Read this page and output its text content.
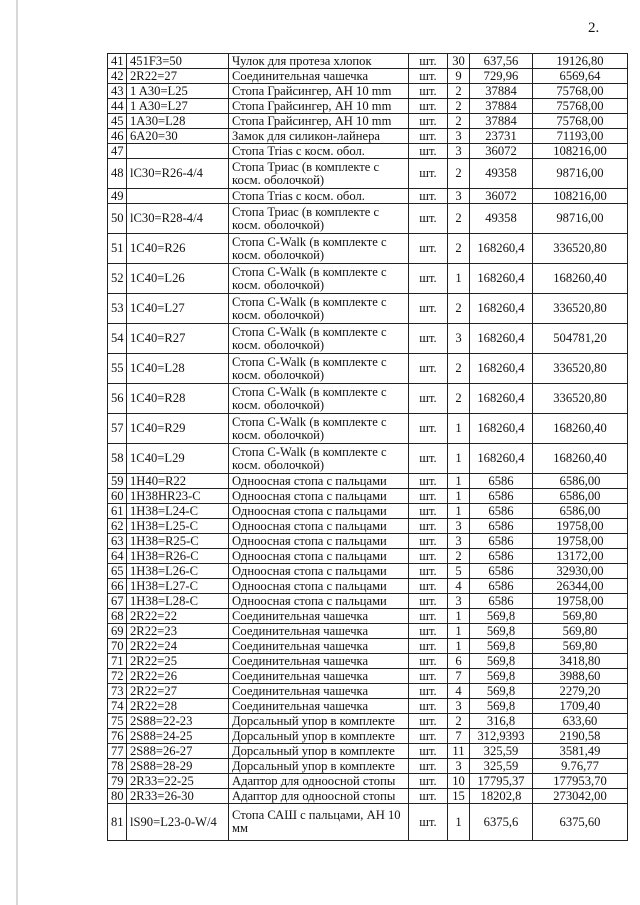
2.
41	451F3=50	Чулок для протеза хлопок	шт.	30	637,56	19126,80
42	2R22=27	Соединительная чашечка	шт.	9	729,96	6569,64
43	1 A30=L25	Стопа Грайсингер, АН 10 mm	шт.	2	37884	75768,00
44	1 A30=L27	Стопа Грайсингер, АН 10 mm	шт.	2	37884	75768,00
45	1A30=L28	Стопа Грайсингер, АН 10 mm	шт.	2	37884	75768,00
46	6A20=30	Замок для силикон-лайнера	шт.	3	23731	71193,00
47		Стопа Trias с косм. обол.	шт.	3	36072	108216,00
48	lC30=R26-4/4	Стопа Триас (в комплекте с косм. оболочкой)	шт.	2	49358	98716,00
49		Стопа Trias с косм. обол.	шт.	3	36072	108216,00
50	lC30=R28-4/4	Стопа Триас (в комплекте с косм. оболочкой)	шт.	2	49358	98716,00
51	1C40=R26	Стопа C-Walk (в комплекте с косм. оболочкой)	шт.	2	168260,4	336520,80
52	1C40=L26	Стопа C-Walk (в комплекте с косм. оболочкой)	шт.	1	168260,4	168260,40
53	1C40=L27	Стопа C-Walk (в комплекте с косм. оболочкой)	шт.	2	168260,4	336520,80
54	1C40=R27	Стопа C-Walk (в комплекте с косм. оболочкой)	шт.	3	168260,4	504781,20
55	1C40=L28	Стопа C-Walk (в комплекте с косм. оболочкой)	шт.	2	168260,4	336520,80
56	1C40=R28	Стопа C-Walk (в комплекте с косм. оболочкой)	шт.	2	168260,4	336520,80
57	1C40=R29	Стопа C-Walk (в комплекте с косм. оболочкой)	шт.	1	168260,4	168260,40
58	1C40=L29	Стопа C-Walk (в комплекте с косм. оболочкой)	шт.	1	168260,4	168260,40
59	1H40=R22	Одноосная стопа с пальцами	шт.	1	6586	6586,00
60	1H38HR23-C	Одноосная стопа с пальцами	шт.	1	6586	6586,00
61	1H38=L24-C	Одноосная стопа с пальцами	шт.	1	6586	6586,00
62	1H38=L25-C	Одноосная стопа с пальцами	шт.	3	6586	19758,00
63	1H38=R25-C	Одноосная стопа с пальцами	шт.	3	6586	19758,00
64	1H38=R26-C	Одноосная стопа с пальцами	шт.	2	6586	13172,00
65	1H38=L26-C	Одноосная стопа с пальцами	шт.	5	6586	32930,00
66	1H38=L27-C	Одноосная стопа с пальцами	шт.	4	6586	26344,00
67	1H38=L28-C	Одноосная стопа с пальцами	шт.	3	6586	19758,00
68	2R22=22	Соединительная чашечка	шт.	1	569,8	569,80
69	2R22=23	Соединительная чашечка	шт.	1	569,8	569,80
70	2R22=24	Соединительная чашечка	шт.	1	569,8	569,80
71	2R22=25	Соединительная чашечка	шт.	6	569,8	3418,80
72	2R22=26	Соединительная чашечка	шт.	7	569,8	3988,60
73	2R22=27	Соединительная чашечка	шт.	4	569,8	2279,20
74	2R22=28	Соединительная чашечка	шт.	3	569,8	1709,40
75	2S88=22-23	Дорсальный упор в комплекте	шт.	2	316,8	633,60
76	2S88=24-25	Дорсальный упор в комплекте	шт.	7	312,9393	2190,58
77	2S88=26-27	Дорсальный упор в комплекте	шт.	11	325,59	3581,49
78	2S88=28-29	Дорсальный упор в комплекте	шт.	3	325,59	9.76,77
79	2R33=22-25	Адаптор для одноосной стопы	шт.	10	17795,37	177953,70
80	2R33=26-30	Адаптор для одноосной стопы	шт.	15	18202,8	273042,00
81	lS90=L23-0-W/4	Стопа САШ с пальцами, АН 10 мм	шт.	1	6375,6	6375,60
